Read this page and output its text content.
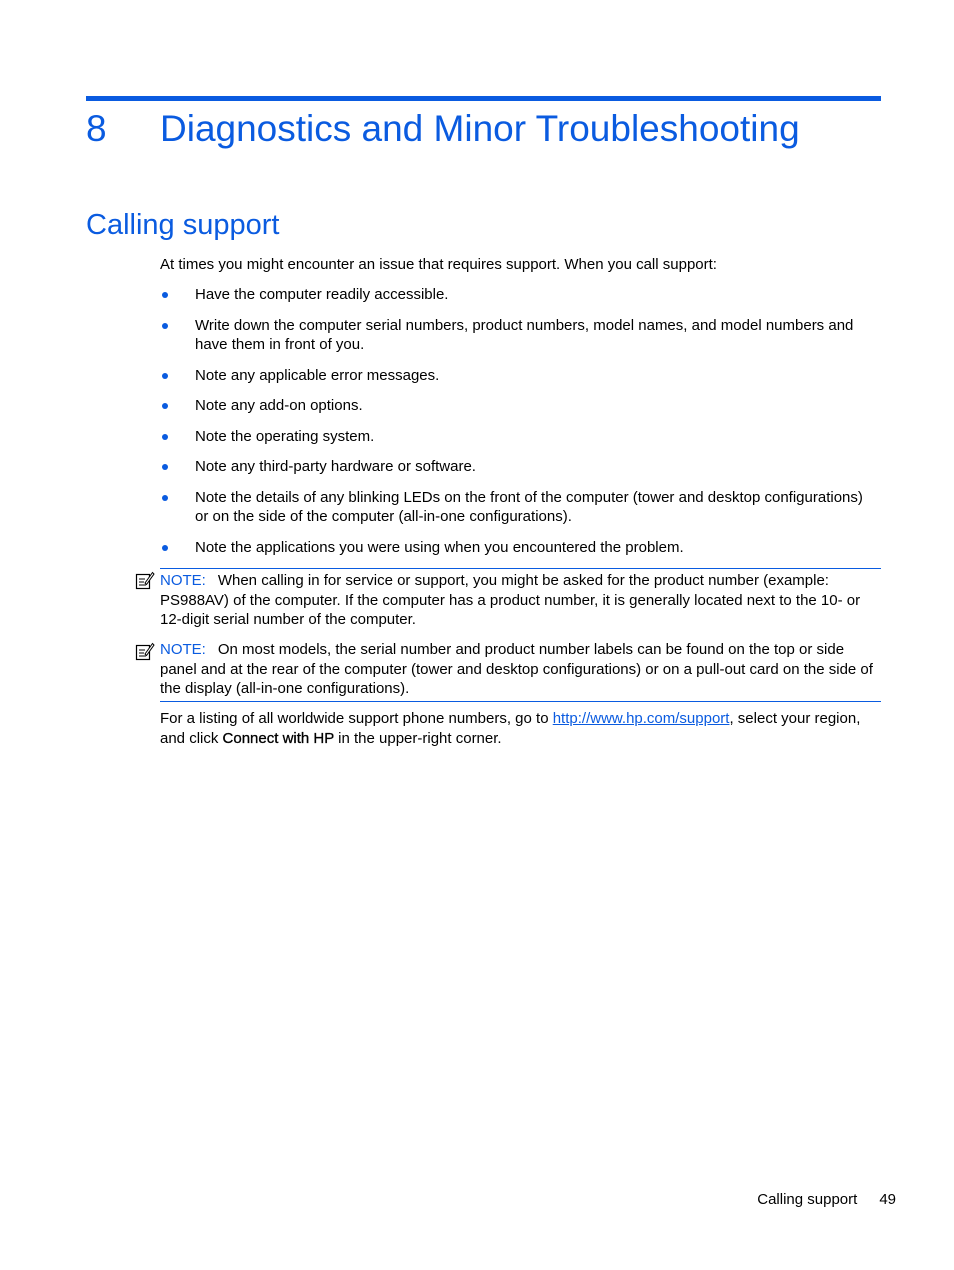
8 Diagnostics and Minor Troubleshooting
Calling support

At times you might encounter an issue that requires support. When you call support:

Have the computer readily accessible.
Write down the computer serial numbers, product numbers, model names, and model numbers and have them in front of you.
Note any applicable error messages.
Note any add-on options.
Note the operating system.
Note any third-party hardware or software.
Note the details of any blinking LEDs on the front of the computer (tower and desktop configurations) or on the side of the computer (all-in-one configurations).
Note the applications you were using when you encountered the problem.
NOTE: When calling in for service or support, you might be asked for the product number (example: PS988AV) of the computer. If the computer has a product number, it is generally located next to the 10- or 12-digit serial number of the computer.
NOTE: On most models, the serial number and product number labels can be found on the top or side panel and at the rear of the computer (tower and desktop configurations) or on a pull-out card on the side of the display (all-in-one configurations).

For a listing of all worldwide support phone numbers, go to http://www.hp.com/support, select your region, and click Connect with HP in the upper-right corner.

Calling support 49
